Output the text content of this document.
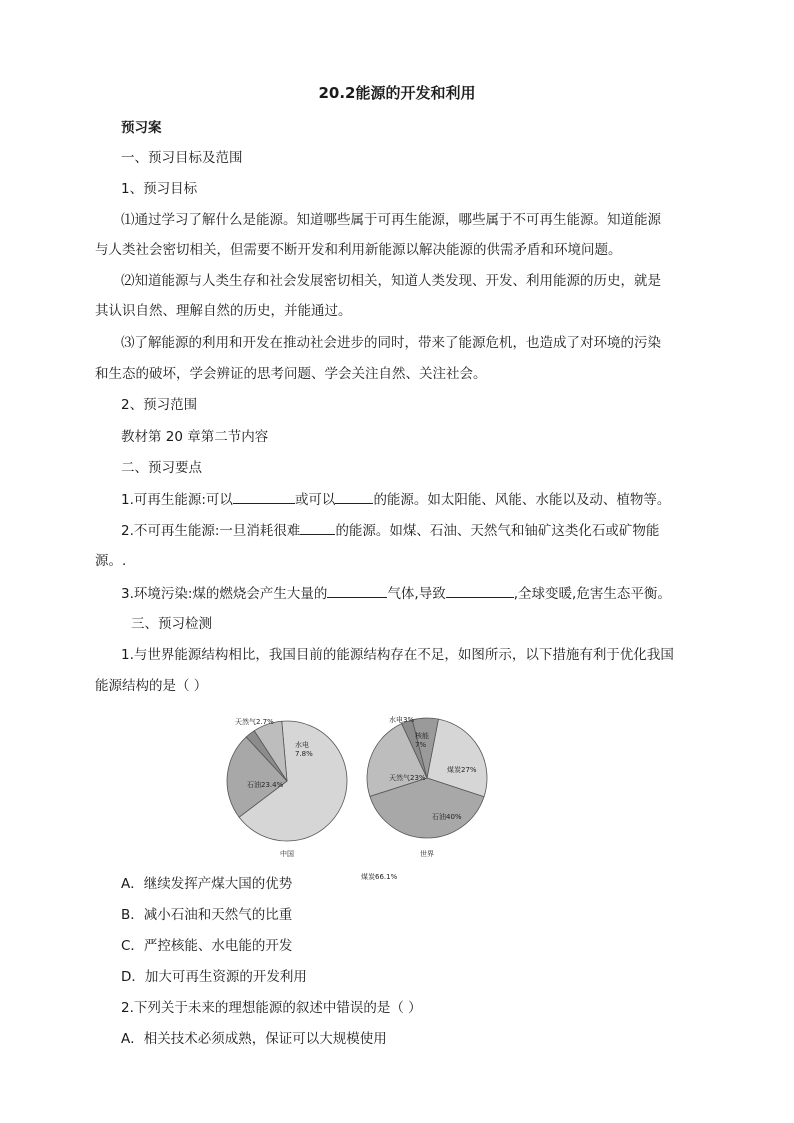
20.2能源的开发和利用
预习案
一、预习目标及范围
1、预习目标
⑴通过学习了解什么是能源。知道哪些属于可再生能源，哪些属于不可再生能源。知道能源
与人类社会密切相关，但需要不断开发和利用新能源以解决能源的供需矛盾和环境问题。
⑵知道能源与人类生存和社会发展密切相关，知道人类发现、开发、利用能源的历史，就是
其认识自然、理解自然的历史，并能通过。
⑶了解能源的利用和开发在推动社会进步的同时，带来了能源危机，也造成了对环境的污染
和生态的破坏，学会辨证的思考问题、学会关注自然、关注社会。
2、预习范围
教材第 20 章第二节内容
二、预习要点
1.可再生能源:可以	或可以	的能源。如太阳能、风能、水能以及动、植物等。
2.不可再生能源:一旦消耗很难	的能源。如煤、石油、天然气和铀矿这类化石或矿物能
源。.
3.环境污染:煤的燃烧会产生大量的	气体,导致	,全球变暖,危害生态平衡。
三、预习检测
1.与世界能源结构相比，我国目前的能源结构存在不足，如图所示，以下措施有利于优化我国
能源结构的是（ ）
煤炭66.1%
石油23.4%
天然气2.7%
水电
7.8%
中国
煤炭27%
石油40%
天然气23%
水电3%
核能
7%
世界
A．继续发挥产煤大国的优势
B．减小石油和天然气的比重
C．严控核能、水电能的开发
D．加大可再生资源的开发利用
2.下列关于未来的理想能源的叙述中错误的是（ ）
A．相关技术必须成熟，保证可以大规模使用
